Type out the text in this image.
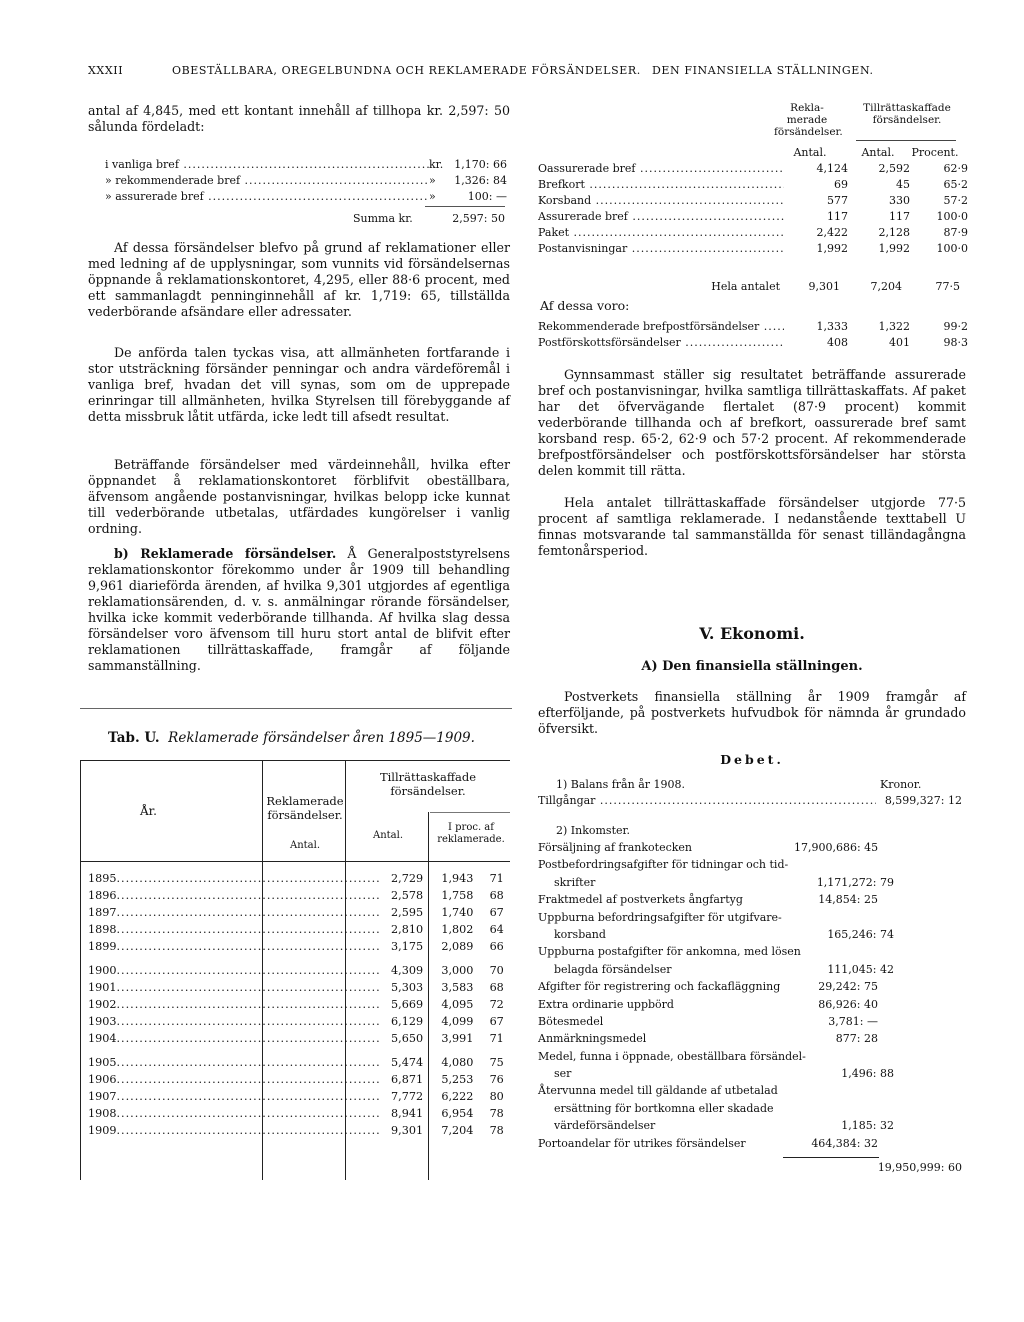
XXXII	OBESTÄLLBARA, OREGELBUNDNA OCH REKLAMERADE FÖRSÄNDELSER. DEN FINANSIELLA STÄLLNINGEN.
antal af 4,845, med ett kontant innehåll af tillhopa kr. 2,597: 50 sålunda fördeladt:
i vanliga bref .....	kr.	1,170: 66
» rekommenderade bref .....	»	1,326: 84
» assurerade bref .....	»	100: —
Summa kr.	2,597: 50
Af dessa försändelser blefvo på grund af reklamationer eller med ledning af de upplysningar, som vunnits vid försändelsernas öppnande å reklamationskontoret, 4,295, eller 88·6 procent, med ett sammanlagdt penninginnehåll af kr. 1,719: 65, tillställda vederbörande afsändare eller adressater.
De anförda talen tyckas visa, att allmänheten fortfarande i stor utsträckning försänder penningar och andra värdeföremål i vanliga bref, hvadan det vill synas, som om de upprepade erinringar till allmänheten, hvilka Styrelsen till förebyggande af detta missbruk låtit utfärda, icke ledt till afsedt resultat.
Beträffande försändelser med värdeinnehåll, hvilka efter öppnandet å reklamationskontoret förblifvit obeställbara, äfvensom angående postanvisningar, hvilkas belopp icke kunnat till vederbörande utbetalas, utfärdades kungörelser i vanlig ordning.
b) Reklamerade försändelser. Å Generalpoststyrelsens reklamationskontor förekommo under år 1909 till behandling 9,961 diarieförda ärenden, af hvilka 9,301 utgjordes af egentliga reklamationsärenden, d. v. s. anmälningar rörande försändelser, hvilka icke kommit vederbörande tillhanda. Af hvilka slag dessa försändelser voro äfvensom till huru stort antal de blifvit efter reklamationen tillrättaskaffade, framgår af följande sammanställning.
Tab. U. Reklamerade försändelser åren 1895—1909.
År.
Reklamerade försändelser.
Antal.
Tillrättaskaffade försändelser.
Antal.
I proc. af reklamerade.
1895 ..........................................................	2,729	1,943	71

1896 ..........................................................	2,578	1,758	68

1897 ..........................................................	2,595	1,740	67

1898 ..........................................................	2,810	1,802	64

1899 ..........................................................	3,175	2,089	66

1900 ..........................................................	4,309	3,000	70

1901 ..........................................................	5,303	3,583	68

1902 ..........................................................	5,669	4,095	72

1903 ..........................................................	6,129	4,099	67

1904 ..........................................................	5,650	3,991	71

1905 ..........................................................	5,474	4,080	75

1906 ..........................................................	6,871	5,253	76

1907 ..........................................................	7,772	6,222	80

1908 ..........................................................	8,941	6,954	78

1909 ..........................................................	9,301	7,204	78
Rekla-merade försändelser.
Tillrättaskaffade försändelser.
Antal.	Antal.	Procent.
Oassurerade bref .....	4,124	2,592	62·9
Brefkort .....	69	45	65·2
Korsband .....	577	330	57·2
Assurerade bref .....	117	117	100·0
Paket .....	2,422	2,128	87·9
Postanvisningar .....	1,992	1,992	100·0
Hela antalet	9,301	7,204	77·5
Af dessa voro:
Rekommenderade brefpostförsändelser .....	1,333	1,322	99·2
Postförskottsförsändelser .....	408	401	98·3
Gynnsammast ställer sig resultatet beträffande assurerade bref och postanvisningar, hvilka samtliga tillrättaskaffats. Af paket har det öfvervägande flertalet (87·9 procent) kommit vederbörande tillhanda och af brefkort, oassurerade bref samt korsband resp. 65·2, 62·9 och 57·2 procent. Af rekommenderade brefpostförsändelser och postförskottsförsändelser har största delen kommit till rätta.
Hela antalet tillrättaskaffade försändelser utgjorde 77·5 procent af samtliga reklamerade. I nedanstående texttabell U finnas motsvarande tal sammanställda för senast tilländagångna femtonårsperiod.
V. Ekonomi.
A) Den finansiella ställningen.
Postverkets finansiella ställning år 1909 framgår af efterföljande, på postverkets hufvudbok för nämnda år grundado öfversikt.
Debet.
1) Balans från år 1908.	Kronor.
Tillgångar .....	8,599,327: 12
2) Inkomster.
Försäljning af frankotecken	17,900,686: 45
Postbefordringsafgifter för tidningar och tid-
skrifter	1,171,272: 79
Fraktmedel af postverkets ångfartyg	14,854: 25
Uppburna befordringsafgifter för utgifvare-
korsband	165,246: 74
Uppburna postafgifter för ankomna, med lösen
belagda försändelser	111,045: 42
Afgifter för registrering och fackafläggning	29,242: 75
Extra ordinarie uppbörd	86,926: 40
Bötesmedel	3,781: —
Anmärkningsmedel	877: 28
Medel, funna i öppnade, obeställbara försändel-
ser	1,496: 88
Återvunna medel till gäldande af utbetalad
ersättning för bortkomna eller skadade
värdeförsändelser	1,185: 32
Portoandelar för utrikes försändelser	464,384: 32
19,950,999: 60
